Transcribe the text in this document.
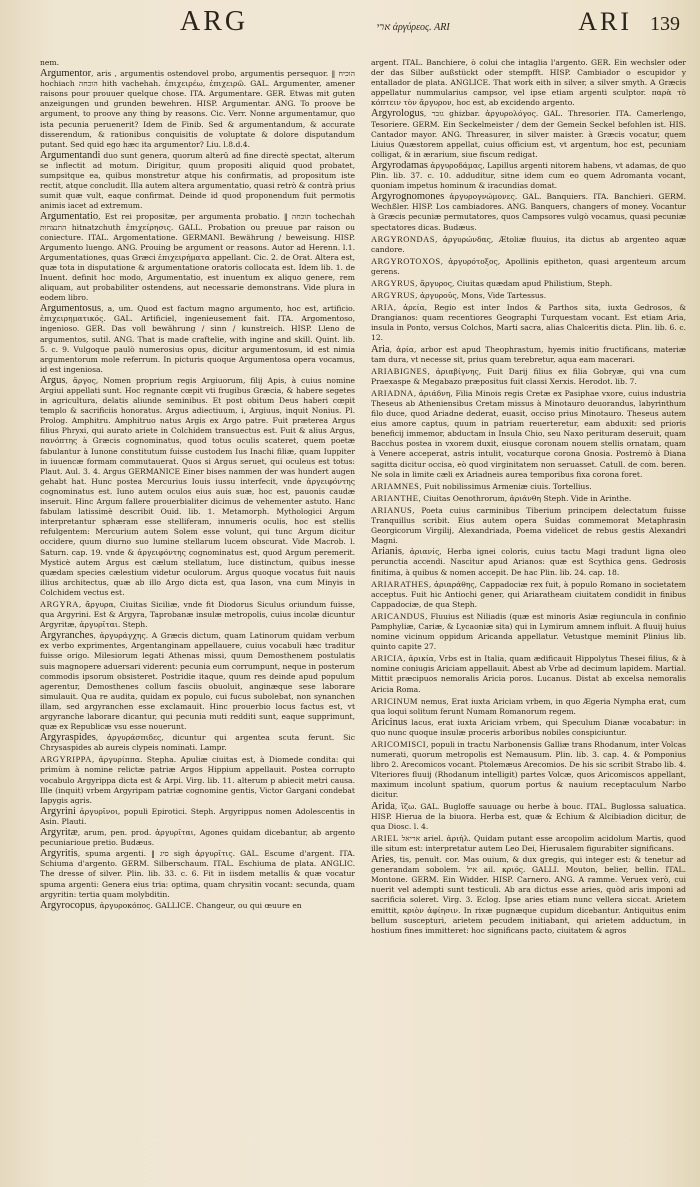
ARG	ארי ἀργύρεος. ARI	ARI 139

nem.

Argumentor, aris , argumentis ostendovel probo, argumentis persequor. ‖ הוכיח hochiach הוכחה hith vachehah. ἐπιχειρέω, ἐπιχειρῶ. GAL. Argumenter, amener raisons pour prouuer quelque chose. ITA. Argumentare. GER. Etwas mit guten anzeigungen und grunden bewehren. HISP. Argumentar. ANG. To proove be argument, to proove any thing by reasons. Cic. Verr. Nonne argumentamur, quo ista pecunia peruenerit? Idem de Finib. Sed & argumentandum, & accurate disserendum, & rationibus conquisitis de voluptate & dolore disputandum putant. Sed quid ego hæc ita argumentor? Liu. l.8.d.4.

Argumentandi duo sunt genera, quorum alterû ad fine directè spectat, alterum se inflectit ad motum. Dirigitur, quum propositi aliquid quod probatet, sumpsitque ea, quibus monstretur atque his confirmatis, ad propositum iste rectit, atque concludit. Illa autem altera argumentatio, quasi retrò & contrà prius sumit quæ vult, eaque confirmat. Deinde id quod proponendum fuit permotis animis iacet ad extremum.

Argumentatio, Est rei propositæ, per argumenta probatio. ‖ תוכחה tochechah התנצחות hitnatzchuth ἐπιχείρησις. GALL. Probation ou preuue par raison ou coniecture. ITAL. Argomentatione. GERMANI. Bewährung / beweisung. HISP. Argumento luengo. ANG. Prouing be argument or reasons. Autor ad Herenn. l.1. Argumentationes, quas Græci ἐπιχειρήματα appellant. Cic. 2. de Orat. Altera est, quæ tota in disputatione & argumentatione oratoris collocata est. Idem lib. 1. de Inuent. definit hoc modo, Argumentatio, est inuentum ex aliquo genere, rem aliquam, aut probabiliter ostendens, aut necessarie demonstrans. Vide plura in eodem libro.

Argumentosus, a, um. Quod est factum magno argumento, hoc est, artificio. ἐπιχειρηματικός. GAL. Artificiel, ingenieusement fait. ITA. Argomentoso, ingenioso. GER. Das voll bewährung / sinn / kunstreich. HISP. Lleno de argumentos, sutil. ANG. That is made craftelie, with ingine and skill. Quint. lib. 5. c. 9. Vulgoque paulò numerosius opus, dicitur argumentosum, id est nimia argumentorum mole referrum. In picturis quoque Argumentosa opera vocamus, id est ingeniosa.

Argus, ἄργος, Nomen proprium regis Argiuorum, filij Apis, à cuius nomine Argiui appellati sunt. Hoc regnante cœpit vti frugibus Græcia, & habere segetes in agricultura, delatis aliunde seminibus. Et post obitum Deus haberi cœpit templo & sacrificiis honoratus. Argus adiectiuum, i, Argiuus, inquit Nonius. Pl. Prolog. Amphitru. Amphitruo natus Argis ex Argo patre. Fuit præterea Argus filius Phryxi, qui aurato ariete in Colchidem transuectus est. Fuit & alius Argus, πανόπτης à Græcis cognominatus, quod totus oculis scateret, quem poetæ fabulantur à Iunone constitutum fuisse custodem Ius Inachi filiæ, quam Iuppiter in iuuencæ formam commutauerat. Quos si Argus seruet, qui oculeus est totus: Plaut. Aul. 3. 4. Argus GERMANICE Einer bises nammen der was hundert augen gehabt hat. Hunc postea Mercurius Iouis iussu interfecit, vnde ἀργειφόντης cognominatus est. Iuno autem oculos eius auis suæ, hoc est, pauonis caudæ inseruit. Hinc Argum fallere prouerbialiter dicimus de vehementer astuto. Hanc fabulam latissimè describit Ouid. lib. 1. Metamorph. Mythologici Argum interpretantur sphæram esse stelliferam, innumeris oculis, hoc est stellis refulgentem: Mercurium autem Solem esse volunt, qui tunc Argum dicitur occidere, quum diurno suo lumine stellarum lucem obscurat. Vide Macrob. l. Saturn. cap. 19. vnde & ἀργειφόντης cognominatus est, quod Argum peremerit. Mysticè autem Argus est cælum stellatum, luce distinctum, quibus inesse quædam species cælestium videtur oculorum. Argus quoque vocatus fuit nauis illius architectus, quæ ab illo Argo dicta est, qua Iason, vna cum Minyis in Colchidem vectus est.

ARGYRA, ἄργυρα, Ciuitas Siciliæ, vnde fit Diodorus Siculus oriundum fuisse, qua Argyrini. Est & Argyra, Taprobanæ insulæ metropolis, cuius incolæ dicuntur Argyritæ, ἀργυρῖται. Steph.

Argyranches, ἀργυράγχης. A Græcis dictum, quam Latinorum quidam verbum ex verbo exprimentes, Argentanginam appellauere, cuius vocabuli hæc traditur fuisse origo. Milesiorum legati Athenas missi, quum Demosthenem postulatis suis magnopere aduersari viderent: pecunia eum corrumpunt, neque in posterum commodis ipsorum obsisteret. Postridie itaque, quum res deinde apud populum agerentur, Demosthenes collum fasciis obuoluit, anginæque sese laborare simulauit. Qua re audita, quidam ex populo, cui fucus subolebat, non synanchen illam, sed argyranchen esse exclamauit. Hinc prouerbio locus factus est, vt argyranche laborare dicantur, qui pecunia muti redditi sunt, eaque supprimunt, quæ ex Republicæ vsu esse nouerunt.

Argyraspides, ἀργυράσπιδες, dicuntur qui argentea scuta ferunt. Sic Chrysaspides ab aureis clypeis nominati. Lampr.

ARGYRIPPA, ἀργυρίππα. Stepha. Apuliæ ciuitas est, à Diomede condita: qui primùm à nomine relictæ patriæ Argos Hippium appellauit. Postea corrupto vocabulo Argyrippa dicta est & Arpi. Virg. lib. 11. alterum p abiecit metri causa. Ille (inquit) vrbem Argyripam patriæ cognomine gentis, Victor Gargani condebat Iapygis agris.

Argyrini ἀργυρῖνοι, populi Epirotici. Steph. Argyrippus nomen Adolescentis in Asin. Plauti.

Argyritæ, arum, pen. prod. ἀργυρῖται, Agones quidam dicebantur, ab argento pecuniarioue pretio. Budæus.

Argyritis, spuma argenti. ‖ סיג sigh ἀργυρῖτις. GAL. Escume d'argent. ITA. Schiuma d'argento. GERM. Silberschaum. ITAL. Eschiuma de plata. ANGLIC. The dresse of silver. Plin. lib. 33. c. 6. Fit in iisdem metallis & quæ vocatur spuma argenti: Genera eius tria: optima, quam chrysitin vocant: secunda, quam argyritin: tertia quam molybditin.

Argyrocopus, ἀργυροκόπος. GALLICE. Changeur, ou qui œuure en

argent. ITAL. Banchiere, ò colui che intaglia l'argento. GER. Ein wechsler oder der das Silber außstückt oder stempfft. HISP. Cambiador o escupidor y entallador de plata. ANGLICE. That work eith in silver, a silver smyth. A Græcis appellatur nummularius campsor, vel ipse etiam argenti sculptor. παρὰ τὸ κόπτειν τὸν ἄργυρον, hoc est, ab excidendo argento.

Argyrologus, גזבר ghizbar. ἀργυρολόγος. GAL. Thresorier. ITA. Camerlengo, Tesoriere. GERM. Ein Seckelmeister / dem der Gemein Seckel befohlen ist. HIS. Cantador mayor. ANG. Threasurer, in silver maister. à Græcis vocatur, quem Liuius Quæstorem appellat, cuius officium est, vt argentum, hoc est, pecuniam colligat, & in ærarium, siue fiscum redigat.

Argyrodamas ἀργυροδάμας, Lapillus argenti nitorem habens, vt adamas, de quo Plin. lib. 37. c. 10. adduditur, sitne idem cum eo quem Adromanta vocant, quoniam impetus hominum & iracundias domat.

Argyrognomones ἀργυρογνώμονες. GAL. Banquiers. ITA. Banchieri. GERM. Wechßler. HISP. Los cambiadores. ANG. Banquers, changers of money. Vocantur à Græcis pecuniæ permutatores, quos Campsores vulgò vocamus, quasi pecuniæ spectatores dicas. Budæus.

ARGYRONDAS, ἀργυρώνδας, Ætoliæ fluuius, ita dictus ab argenteo aquæ candore.

ARGYROTOXOS, ἀργυρότοξος, Apollinis epitheton, quasi argenteum arcum gerens.

ARGYRUS, ἄργυρος, Ciuitas quædam apud Philistium, Steph.

ARGYRUS, ἀργυροῦς, Mons, Vide Tartessus.

ARIA, ἀρεία, Regio est inter Indos & Parthos sita, iuxta Gedrosos, & Drangianos: quam recentiores Geographi Turquestam vocant. Est etiam Aria, insula in Ponto, versus Colchos, Marti sacra, alias Chalceritis dicta. Plin. lib. 6. c. 12.

Aria, ἀρία, arbor est apud Theophrastum, hyemis initio fructificans, materiæ tam dura, vt necesse sit, prius quam terebretur, aqua eam macerari.

ARIABIGNES, ἀριαβίγνης, Fuit Darij filius ex filia Gobryæ, qui vna cum Praexaspe & Megabazo præpositus fuit classi Xerxis. Herodot. lib. 7.

ARIADNA, ἀριάδνη, Filia Minois regis Cretæ ex Pasiphae vxore, cuius industria Theseus ab Atheniensibus Cretam missus à Minotauro deuorandus, labyrinthum filo duce, quod Ariadne dederat, euasit, occiso prius Minotauro. Theseus autem eius amore captus, quum in patriam reuerteretur, eam abduxit: sed prioris beneficij immemor, abductam in Insula Chio, seu Naxo perituram deseruit, quam Bacchus postea in vxorem duxit, eiusque coronam nouem stellis ornatam, quam à Venere acceperat, astris intulit, vocaturque corona Gnosia. Postremò à Diana sagitta dicitur occisa, eò quod virginitatem non seruasset. Catull. de com. beren. Ne sola in limite cæli ex Ariadneis aurea temporibus fixa corona foret.

ARIAMNES, Fuit nobilissimus Armeniæ ciuis. Tortellius.

ARIANTHE, Ciuitas Oenothrorum, ἀριάνθη Steph. Vide in Arinthe.

ARIANUS, Poeta cuius carminibus Tiberium principem delectatum fuisse Tranquillus scribit. Eius autem opera Suidas commemorat Metaphrasin Georgicorum Virgilij, Alexandriada, Poema videlicet de rebus gestis Alexandri Magni.

Arianis, ἀριανίς, Herba ignei coloris, cuius tactu Magi tradunt ligna oleo perunctia accendi. Nascitur apud Arianos: quæ est Scythica gens. Gedrosis finitima, à quibus & nomen accepit. De hac Plin. lib. 24. cap. 18.

ARIARATHES, ἀριαράθης, Cappadociæ rex fuit, à populo Romano in societatem acceptus. Fuit hic Antiochi gener, qui Ariaratheam ciuitatem condidit in finibus Cappadociæ, de qua Steph.

ARICANDUS, Fluuius est Niliadis (quæ est minoris Asiæ regiuncula in confinio Pamphyliæ, Cariæ, & Lycaoniæ sita) qui in Lymirum amnem influit. A fluuij huius nomine vicinum oppidum Aricanda appellatur. Vetustque meminit Plinius lib. quinto capite 27.

ARICIA, ἀρικία, Vrbs est in Italia, quam ædificauit Hippolytus Thesei filius, & à nomine coniugis Ariciam appellauit. Abest ab Vrbe ad decimum lapidem. Martial. Mittit præcipuos nemoralis Aricia poros. Lucanus. Distat ab excelsa nemoralis Aricia Roma.

ARICINUM nemus, Erat iuxta Ariciam vrbem, in quo Ægeria Nympha erat, cum qua loqui solitum ferunt Numam Romanorum regem.

Aricinus lacus, erat iuxta Ariciam vrbem, qui Speculum Dianæ vocabatur: in quo nunc quoque insulæ proceris arboribus nobiles conspiciuntur.

ARICOMISCI, populi in tractu Narbonensis Galliæ trans Rhodanum, inter Volcas numerati, quorum metropolis est Nemausum. Plin. lib. 3. cap. 4. & Pomponius libro 2. Arecomicos vocant. Ptolemæus Arecomios. De his sic scribit Strabo lib. 4. Vlteriores fluuij (Rhodanum intelligit) partes Volcæ, quos Aricomiscos appellant, maximum incolunt spatium, quorum portus & nauium receptaculum Narbo dicitur.

Arida, ἴζω. GAL. Bugloffe sauuage ou herbe à bouc. ITAL. Buglossa saluatica. HISP. Hierua de la biuora. Herba est, quæ & Echium & Alcibiadion dicitur, de qua Diosc. l. 4.

ARIEL אריאל ariel. ἀριήλ. Quidam putant esse arcopolim acidolum Martis, quod ille situm est: interpretatur autem Leo Dei, Hierusalem figurabiter significans.

Aries, tis, penult. cor. Mas ouium, & dux gregis, qui integer est: & tenetur ad generandam sobolem. איל ail. κριός. GALLI. Mouton, belier, bellin. ITAL. Montone. GERM. Ein Widder. HISP. Carnero. ANG. A ramme. Veruex verò, cui nuerit vel adempti sunt testiculi. Ab ara dictus esse aries, quòd aris imponi ad sacrificia soleret. Virg. 3. Eclog. Ipse aries etiam nunc vellera siccat. Arietem emittit, κριὸν ἀφίησιν. In rixæ pugnæque cupidum dicebantur. Antiquitus enim bellum suscepturi, arietem pecudem initiabant, qui arietem adductum, in hostium fines immitteret: hoc significans pacto, ciuitatem & agros
